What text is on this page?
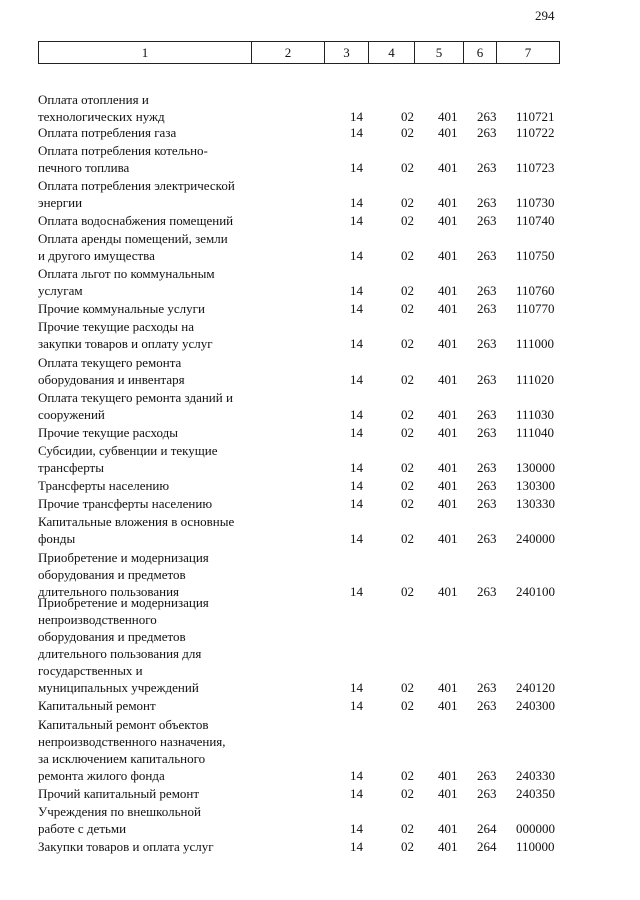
294
1	2	3	4	5	6	7
Оплата отопления и
технологических нужд	14	02 401 263 110721
Оплата потребления газа	14	02 401 263 110722
Оплата потребления котельно-
печного топлива	14	02 401 263 110723
Оплата потребления электрической
энергии	14	02 401 263 110730
Оплата водоснабжения помещений	14	02 401 263 110740
Оплата аренды помещений, земли
и другого имущества	14	02 401 263 110750
Оплата льгот по коммунальным
услугам	14	02 401 263 110760
Прочие коммунальные услуги	14	02 401 263 110770
Прочие текущие расходы на
закупки товаров и оплату услуг	14	02 401 263 111000
Оплата текущего ремонта
оборудования и инвентаря	14	02 401 263 111020
Оплата текущего ремонта зданий и
сооружений	14	02 401 263 111030
Прочие текущие расходы	14	02 401 263 111040
Субсидии, субвенции и текущие
трансферты	14	02 401 263 130000
Трансферты населению	14	02 401 263 130300
Прочие трансферты населению	14	02 401 263 130330
Капитальные вложения в основные
фонды	14	02 401 263 240000
Приобретение и модернизация
оборудования и предметов
длительного пользования	14	02 401 263 240100
Приобретение и модернизация
непроизводственного
оборудования и предметов
длительного пользования для
государственных и
муниципальных учреждений	14	02 401 263 240120
Капитальный ремонт	14	02 401 263 240300
Капитальный ремонт объектов
непроизводственного назначения,
за исключением капитального
ремонта жилого фонда	14	02 401 263 240330
Прочий капитальный ремонт	14	02 401 263 240350
Учреждения по внешкольной
работе с детьми	14	02 401 264 000000
Закупки товаров и оплата услуг	14	02 401 264 110000
